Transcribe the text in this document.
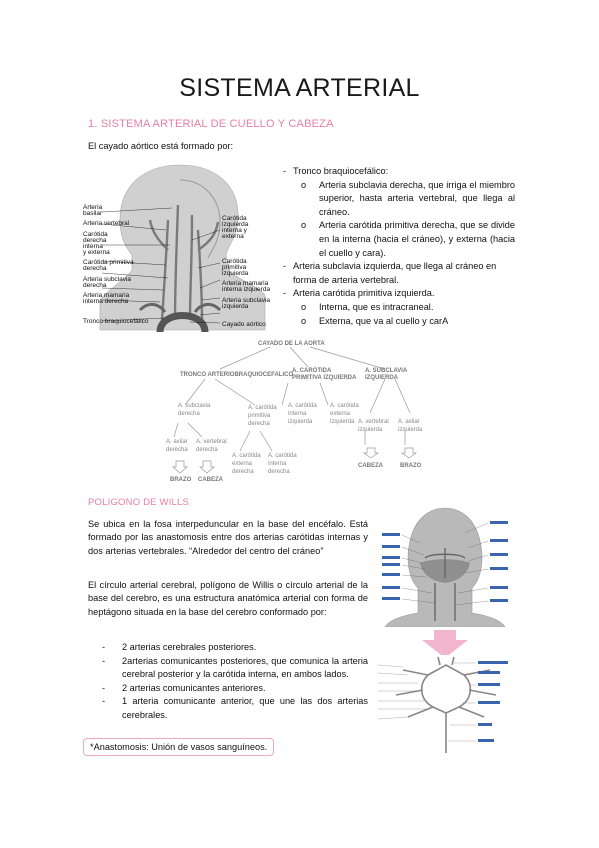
SISTEMA ARTERIAL
1. SISTEMA ARTERIAL DE CUELLO Y CABEZA
El cayado aórtico está formado por:
Arteria
basilar
Arteria vertebral
Carótida
derecha
interna
y externa
Carótida primitiva
derecha
Arteria subclavia
derecha
Arteria mamaria
interna derecha
Tronco braquiocefálico
Carótida
izquierda
interna y
externa
Carótida
primitiva
izquierda
Arteria mamaria
interna izquierda
Arteria subclavia
izquierda
Cayado aórtico
- Tronco braquiocefálico:
o Arteria subclavia derecha, que irriga el miembro superior, hasta arteria vertebral, que llega al cráneo.
o Arteria carótida primitiva derecha, que se divide en la interna (hacia el cráneo), y externa (hacia el cuello y cara).
- Arteria subclavia izquierda, que llega al cráneo en forma de arteria vertebral.
- Arteria carótida primitiva izquierda.
o Interna, que es intracraneal.
o Externa, que va al cuello y carA
CAYADO DE LA AORTA
TRONCO ARTERIOBRAQUIOCEFALICO
A. CARÓTIDA
PRIMITIVA IZQUIERDA
A. SUBCLAVIA
IZQUIERDA
A. subclavia
derecha
A. carótida
primitiva
derecha
A. carótida
interna
izquierda
A. carótida
externa
izquierda A. vertebral
izquierda
A. axilar
izquierda
A. axilar
derecha
A. vertebral
derecha
A. carótida
externa
derecha
A. carótida
interna
derecha
BRAZO CABEZA
CABEZA	BRAZO
POLIGONO DE WILLS
Se ubica en la fosa interpeduncular en la base del encéfalo. Está formado por las anastomosis entre dos arterias carótidas internas y dos arterias vertebrales. “Alrededor del centro del cráneo”
El círculo arterial cerebral, polígono de Willis o círculo arterial de la base del cerebro, es una estructura anatómica arterial con forma de heptágono situada en la base del cerebro conformado por:
- 2 arterias cerebrales posteriores.
- 2arterias comunicantes posteriores, que comunica la arteria cerebral posterior y la carótida interna, en ambos lados.
- 2 arterias comunicantes anteriores.
- 1 arteria comunicante anterior, que une las dos arterias cerebrales.
*Anastomosis: Unión de vasos sanguíneos.
